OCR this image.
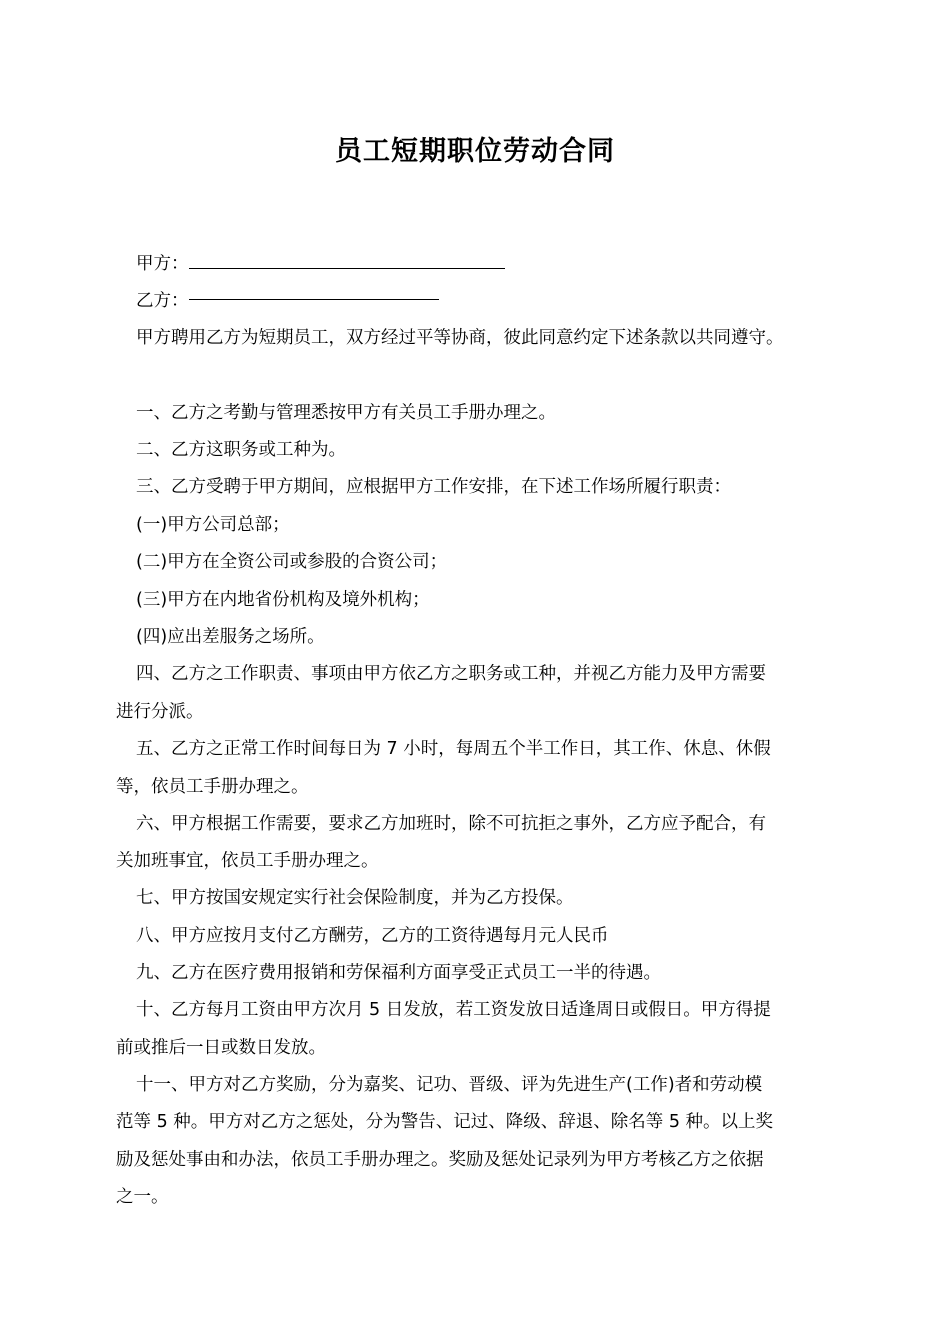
员工短期职位劳动合同
甲方：
乙方：
甲方聘用乙方为短期员工，双方经过平等协商，彼此同意约定下述条款以共同遵守。
一、乙方之考勤与管理悉按甲方有关员工手册办理之。
二、乙方这职务或工种为。
三、乙方受聘于甲方期间，应根据甲方工作安排，在下述工作场所履行职责：
(一)甲方公司总部；
(二)甲方在全资公司或参股的合资公司；
(三)甲方在内地省份机构及境外机构；
(四)应出差服务之场所。
四、乙方之工作职责、事项由甲方依乙方之职务或工种，并视乙方能力及甲方需要
进行分派。
五、乙方之正常工作时间每日为 7 小时，每周五个半工作日，其工作、休息、休假
等，依员工手册办理之。
六、甲方根据工作需要，要求乙方加班时，除不可抗拒之事外，乙方应予配合，有
关加班事宜，依员工手册办理之。
七、甲方按国安规定实行社会保险制度，并为乙方投保。
八、甲方应按月支付乙方酬劳，乙方的工资待遇每月元人民币
九、乙方在医疗费用报销和劳保福利方面享受正式员工一半的待遇。
十、乙方每月工资由甲方次月 5 日发放，若工资发放日适逢周日或假日。甲方得提
前或推后一日或数日发放。
十一、甲方对乙方奖励，分为嘉奖、记功、晋级、评为先进生产(工作)者和劳动模
范等 5 种。甲方对乙方之惩处，分为警告、记过、降级、辞退、除名等 5 种。以上奖
励及惩处事由和办法，依员工手册办理之。奖励及惩处记录列为甲方考核乙方之依据
之一。
